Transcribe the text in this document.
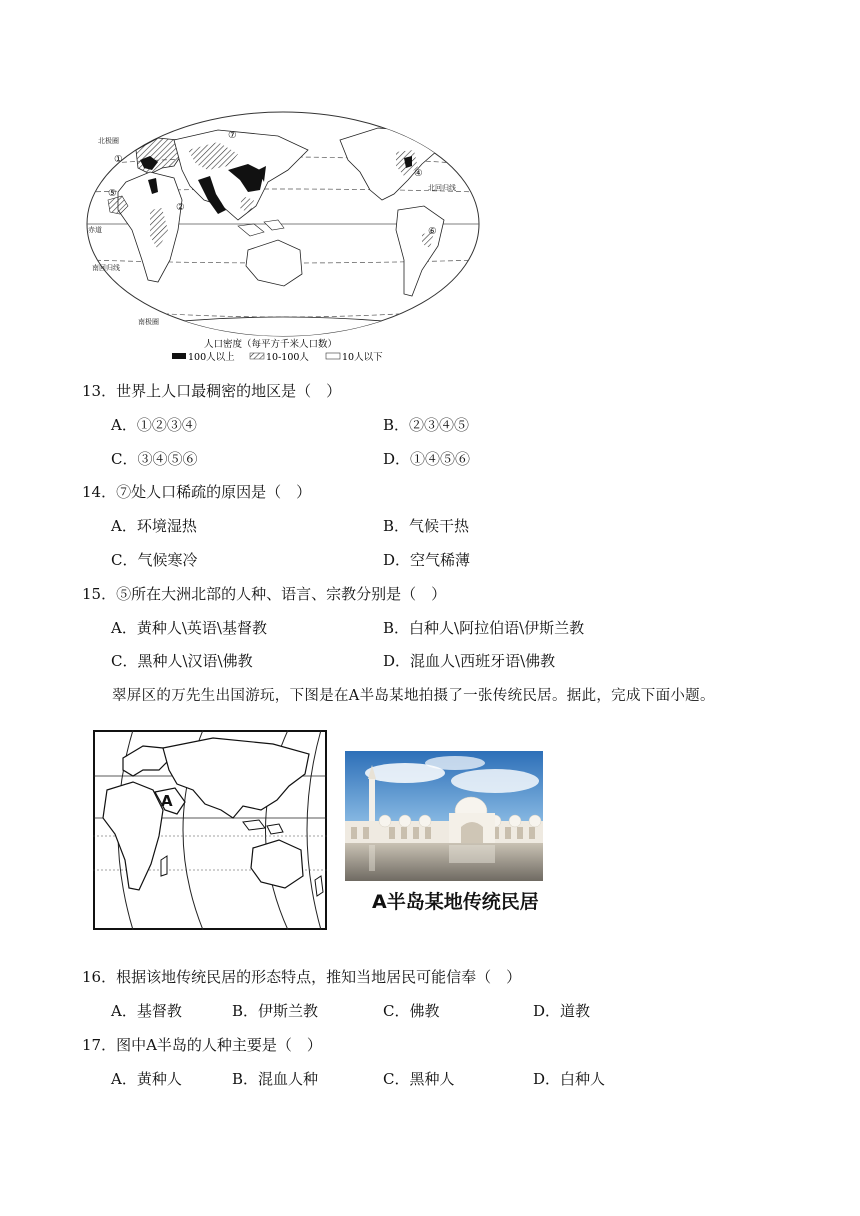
北极圈
北回归线
赤道
南回归线
南极圈
①
②	③
④
⑤
⑥
⑦
人口密度（每平方千米人口数）
100人以上	10-100人	10人以下
13．世界上人口最稠密的地区是（　）
A．①②③④	B．②③④⑤
C．③④⑤⑥	D．①④⑤⑥
14．⑦处人口稀疏的原因是（　）
A．环境湿热	B．气候干热
C．气候寒冷	D．空气稀薄
15．⑤所在大洲北部的人种、语言、宗教分别是（　）
A．黄种人\英语\基督教	B．白种人\阿拉伯语\伊斯兰教
C．黑种人\汉语\佛教	D．混血人\西班牙语\佛教
翠屏区的万先生出国游玩，下图是在A半岛某地拍摄了一张传统民居。据此，完成下面小题。
A
A半岛某地传统民居
16．根据该地传统民居的形态特点，推知当地居民可能信奉（　）
A．基督教	B．伊斯兰教	C．佛教	D．道教
17．图中A半岛的人种主要是（　）
A．黄种人	B．混血人种	C．黑种人	D．白种人
